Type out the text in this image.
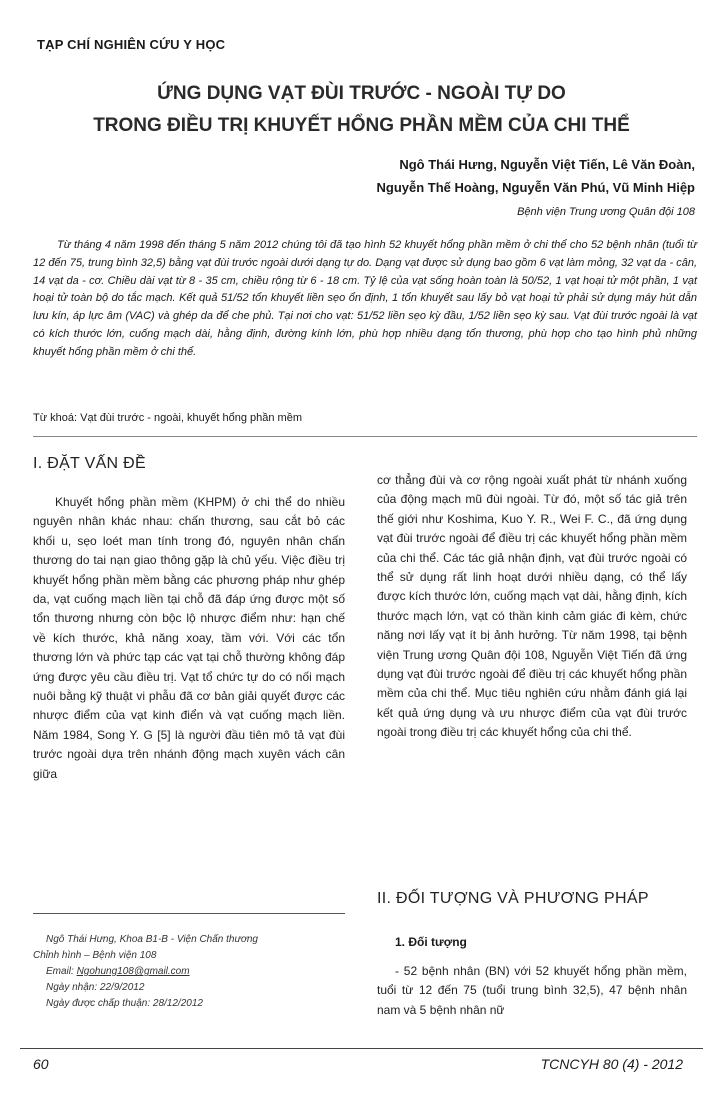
TẠP CHÍ NGHIÊN CỨU Y HỌC
ỨNG DỤNG VẠT ĐÙI TRƯỚC - NGOÀI TỰ DO
TRONG ĐIỀU TRỊ KHUYẾT HỔNG PHẦN MỀM CỦA CHI THỂ
Ngô Thái Hưng, Nguyễn Việt Tiến, Lê Văn Đoàn,
Nguyễn Thế Hoàng, Nguyễn Văn Phú, Vũ Minh Hiệp
Bệnh viện Trung ương Quân đội 108
Từ tháng 4 năm 1998 đến tháng 5 năm 2012 chúng tôi đã tạo hình 52 khuyết hổng phần mềm ở chi thể cho 52 bệnh nhân (tuổi từ 12 đến 75, trung bình 32,5) bằng vạt đùi trước ngoài dưới dạng tự do. Dạng vạt được sử dụng bao gồm 6 vạt làm mỏng, 32 vạt da - cân, 14 vạt da - cơ. Chiều dài vạt từ 8 - 35 cm, chiều rộng từ 6 - 18 cm. Tỷ lệ của vạt sống hoàn toàn là 50/52, 1 vạt hoại tử một phần, 1 vạt hoại tử toàn bộ do tắc mạch. Kết quả 51/52 tổn khuyết liền sẹo ổn định, 1 tổn khuyết sau lấy bỏ vạt hoại tử phải sử dụng máy hút dẫn lưu kín, áp lực âm (VAC) và ghép da để che phủ. Tại nơi cho vạt: 51/52 liền sẹo kỳ đầu, 1/52 liền sẹo kỳ sau. Vạt đùi trước ngoài là vạt có kích thước lớn, cuống mạch dài, hằng định, đường kính lớn, phù hợp nhiều dạng tổn thương, phù hợp cho tạo hình phủ những khuyết hổng phần mềm ở chi thể.
Từ khoá: Vạt đùi trước - ngoài, khuyết hổng phần mềm
I. ĐẶT VẤN ĐỀ
Khuyết hổng phần mềm (KHPM) ở chi thể do nhiều nguyên nhân khác nhau: chấn thương, sau cắt bỏ các khối u, sẹo loét man tính trong đó, nguyên nhân chấn thương do tai nạn giao thông gặp là chủ yếu. Việc điều trị khuyết hổng phần mềm bằng các phương pháp như ghép da, vạt cuống mạch liền tại chỗ đã đáp ứng được một số tổn thương nhưng còn bộc lộ nhược điểm như: hạn chế về kích thước, khả năng xoay, tầm với. Với các tổn thương lớn và phức tạp các vạt tại chỗ thường không đáp ứng được yêu cầu điều trị. Vạt tổ chức tự do có nối mạch nuôi bằng kỹ thuật vi phẫu đã cơ bản giải quyết được các nhược điểm của vạt kinh điển và vạt cuống mạch liền. Năm 1984, Song Y. G [5] là người đầu tiên mô tả vạt đùi trước ngoài dựa trên nhánh động mạch xuyên vách cân giữa
cơ thẳng đùi và cơ rộng ngoài xuất phát từ nhánh xuống của động mạch mũ đùi ngoài. Từ đó, một số tác giả trên thế giới như Koshima, Kuo Y. R., Wei F. C., đã ứng dụng vạt đùi trước ngoài để điều trị các khuyết hổng phần mềm của chi thể. Các tác giả nhận định, vạt đùi trước ngoài có thể sử dụng rất linh hoạt dưới nhiều dạng, có thể lấy được kích thước lớn, cuống mạch vạt dài, hằng định, kích thước mạch lớn, vạt có thần kinh cảm giác đi kèm, chức năng nơi lấy vạt ít bị ảnh hưởng. Từ năm 1998, tại bệnh viện Trung ương Quân đội 108, Nguyễn Việt Tiến đã ứng dụng vạt đùi trước ngoài để điều trị các khuyết hổng phần mềm của chi thể. Mục tiêu nghiên cứu nhằm đánh giá lại kết quả ứng dụng và ưu nhược điểm của vạt đùi trước ngoài trong điều trị các khuyết hổng của chi thể.
II. ĐỐI TƯỢNG VÀ PHƯƠNG PHÁP
1. Đối tượng
- 52 bệnh nhân (BN) với 52 khuyết hổng phần mềm, tuổi từ 12 đến 75 (tuổi trung bình 32,5), 47 bệnh nhân nam và 5 bệnh nhân nữ
Ngô Thái Hưng, Khoa B1-B - Viện Chấn thương
Chỉnh hình – Bệnh viện 108
Email: Ngohung108@gmail.com
Ngày nhận: 22/9/2012
Ngày được chấp thuận: 28/12/2012
60	TCNCYH 80 (4) - 2012
